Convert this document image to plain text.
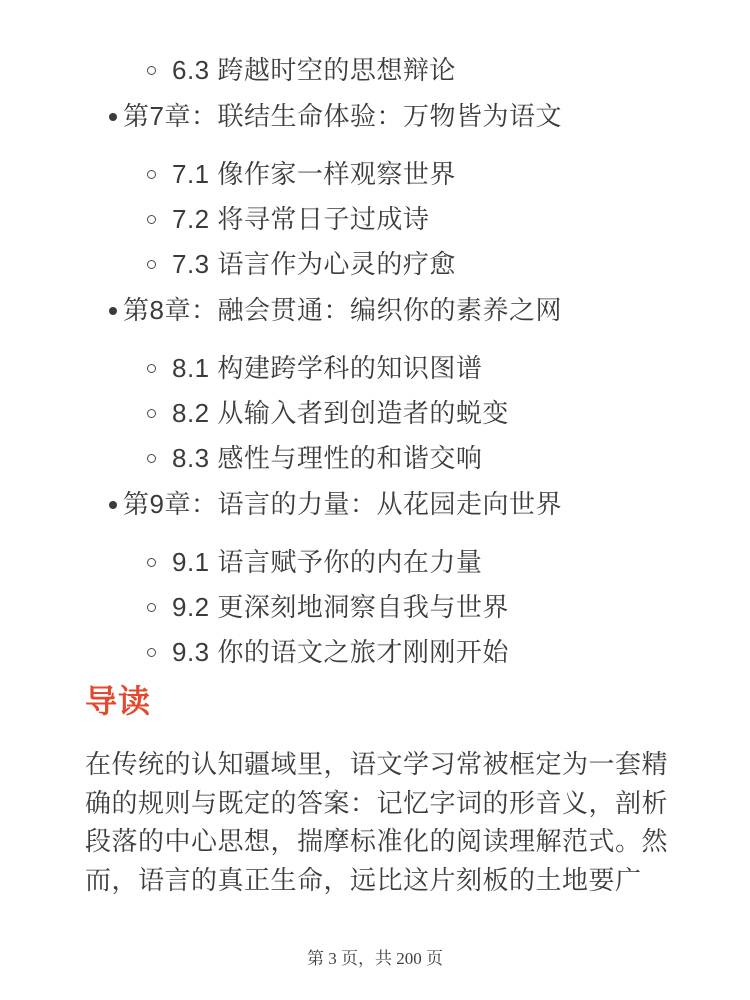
6.3 跨越时空的思想辩论
第7章：联结生命体验：万物皆为语文
7.1 像作家一样观察世界
7.2 将寻常日子过成诗
7.3 语言作为心灵的疗愈
第8章：融会贯通：编织你的素养之网
8.1 构建跨学科的知识图谱
8.2 从输入者到创造者的蜕变
8.3 感性与理性的和谐交响
第9章：语言的力量：从花园走向世界
9.1 语言赋予你的内在力量
9.2 更深刻地洞察自我与世界
9.3 你的语文之旅才刚刚开始
导读

在传统的认知疆域里，语文学习常被框定为一套精确的规则与既定的答案：记忆字词的形音义，剖析段落的中心思想，揣摩标准化的阅读理解范式。然而，语言的真正生命，远比这片刻板的土地要广

第 3 页，共 200 页
